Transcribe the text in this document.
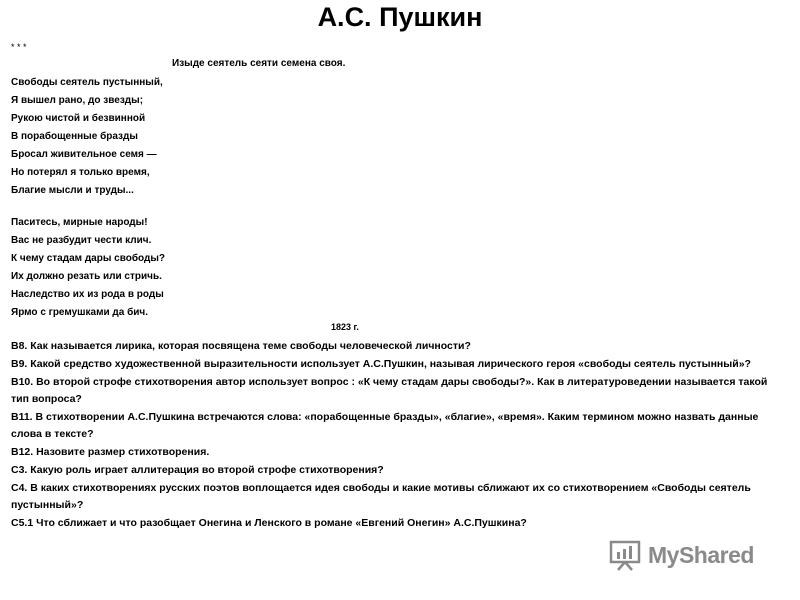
А.С. Пушкин
* * *
Изыде сеятель сеяти семена своя.
Свободы сеятель пустынный,
Я вышел рано, до звезды;
Рукою чистой и безвинной
В порабощенные бразды
Бросал живительное семя —
Но потерял я только время,
Благие мысли и труды...
Паситесь, мирные народы!
Вас не разбудит чести клич.
К чему стадам дары свободы?
Их должно резать или стричь.
Наследство их из рода в роды
Ярмо с гремушками да бич.
1823 г.
В8. Как называется лирика, которая посвящена теме свободы человеческой личности?
В9. Какой средство художественной выразительности использует А.С.Пушкин, называя лирического героя «свободы сеятель пустынный»?
В10. Во второй строфе стихотворения автор использует вопрос : «К чему стадам дары свободы?». Как в литературоведении называется такой тип вопроса?
В11. В стихотворении А.С.Пушкина встречаются слова: «порабощенные бразды», «благие», «время». Каким термином можно назвать данные слова в тексте?
В12. Назовите размер стихотворения.
С3. Какую роль играет аллитерация во второй строфе стихотворения?
С4. В каких стихотворениях русских поэтов воплощается идея свободы и какие мотивы сближают их со стихотворением «Свободы сеятель пустынный»?
С5.1 Что сближает и что разобщает Онегина и Ленского в романе «Евгений Онегин» А.С.Пушкина?
MyShared
